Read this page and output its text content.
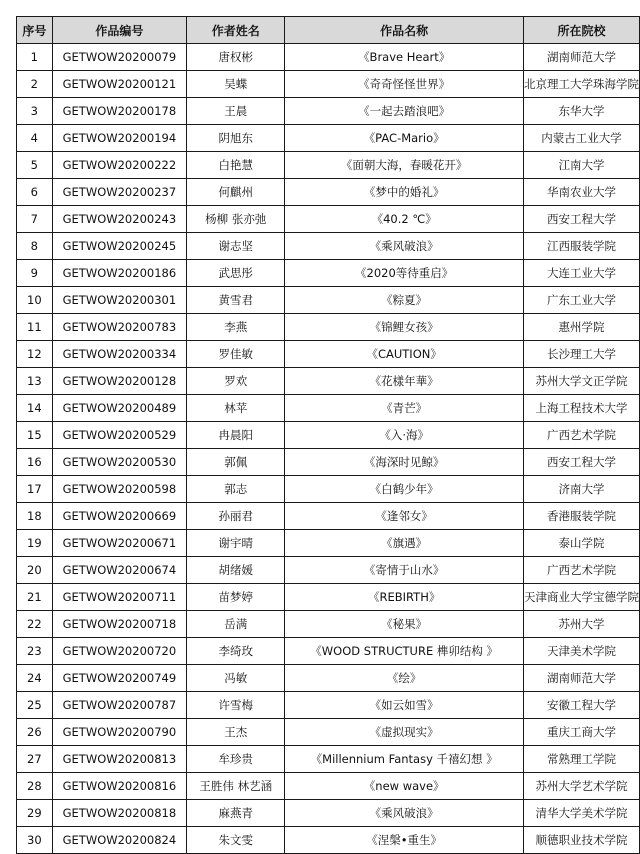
序号	作品编号	作者姓名	作品名称	所在院校
1	GETWOW20200079	唐权彬	《Brave Heart》	湖南师范大学
2	GETWOW20200121	吴蝶	《奇奇怪怪世界》	北京理工大学珠海学院
3	GETWOW20200178	王晨	《一起去踏浪吧》	东华大学
4	GETWOW20200194	阴旭东	《PAC-Mario》	内蒙古工业大学
5	GETWOW20200222	白艳慧	《面朝大海，春暖花开》	江南大学
6	GETWOW20200237	何麒州	《梦中的婚礼》	华南农业大学
7	GETWOW20200243	杨柳 张亦弛	《40.2 ℃》	西安工程大学
8	GETWOW20200245	谢志坚	《乘风破浪》	江西服装学院
9	GETWOW20200186	武思彤	《2020等待重启》	大连工业大学
10	GETWOW20200301	黄雪君	《粽夏》	广东工业大学
11	GETWOW20200783	李燕	《锦鲤女孩》	惠州学院
12	GETWOW20200334	罗佳敏	《CAUTION》	长沙理工大学
13	GETWOW20200128	罗欢	《花樣年華》	苏州大学文正学院
14	GETWOW20200489	林苹	《青芒》	上海工程技术大学
15	GETWOW20200529	冉晨阳	《入·海》	广西艺术学院
16	GETWOW20200530	郭佩	《海深时见鲸》	西安工程大学
17	GETWOW20200598	郭志	《白鹤少年》	济南大学
18	GETWOW20200669	孙丽君	《逢邻女》	香港服装学院
19	GETWOW20200671	谢宇晴	《旗遇》	泰山学院
20	GETWOW20200674	胡绪媛	《寄情于山水》	广西艺术学院
21	GETWOW20200711	苗梦婷	《REBIRTH》	天津商业大学宝德学院
22	GETWOW20200718	岳满	《秘果》	苏州大学
23	GETWOW20200720	李绮玫	《WOOD STRUCTURE 榫卯结构 》	天津美术学院
24	GETWOW20200749	冯敏	《绘》	湖南师范大学
25	GETWOW20200787	许雪梅	《如云如雪》	安徽工程大学
26	GETWOW20200790	王杰	《虚拟现实》	重庆工商大学
27	GETWOW20200813	牟珍贵	《Millennium Fantasy 千禧幻想 》	常熟理工学院
28	GETWOW20200816	王胜伟 林艺涵	《new wave》	苏州大学艺术学院
29	GETWOW20200818	麻燕青	《乘风破浪》	清华大学美术学院
30	GETWOW20200824	朱文雯	《涅槃•重生》	顺德职业技术学院
